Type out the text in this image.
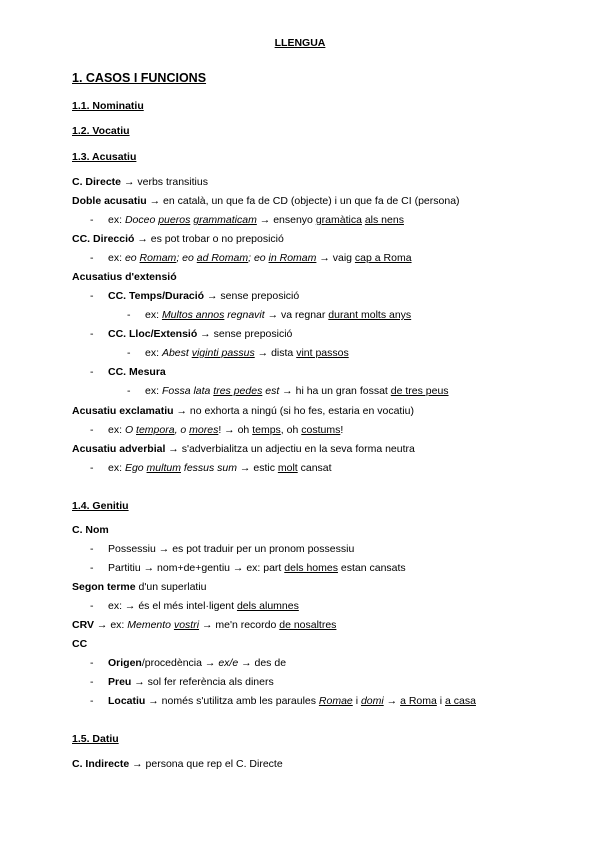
LLENGUA
1. CASOS I FUNCIONS
1.1. Nominatiu
1.2. Vocatiu
1.3. Acusatiu
C. Directe → verbs transitius
Doble acusatiu → en català, un que fa de CD (objecte) i un que fa de CI (persona)
-	ex: Doceo pueros grammaticam → ensenyo gramàtica als nens
CC. Direcció → es pot trobar o no preposició
-	ex: eo Romam; eo ad Romam; eo in Romam → vaig cap a Roma
Acusatius d'extensió
-	CC. Temps/Duració → sense preposició
-	ex: Multos annos regnavit → va regnar durant molts anys
-	CC. Lloc/Extensió → sense preposició
-	ex: Abest viginti passus → dista vint passos
-	CC. Mesura
-	ex: Fossa lata tres pedes est → hi ha un gran fossat de tres peus
Acusatiu exclamatiu → no exhorta a ningú (si ho fes, estaria en vocatiu)
-	ex: O tempora, o mores! → oh temps, oh costums!
Acusatiu adverbial → s'adverbialitza un adjectiu en la seva forma neutra
-	ex: Ego multum fessus sum → estic molt cansat
1.4. Genitiu
C. Nom
-	Possessiu → es pot traduir per un pronom possessiu
-	Partitiu → nom+de+gentiu → ex: part dels homes estan cansats
Segon terme d'un superlatiu
-	ex: → és el més intel·ligent dels alumnes
CRV → ex: Memento vostri → me'n recordo de nosaltres
CC
-	Origen/procedència → ex/e → des de
-	Preu → sol fer referència als diners
-	Locatiu → només s'utilitza amb les paraules Romae i domi → a Roma i a casa
1.5. Datiu
C. Indirecte → persona que rep el C. Directe
